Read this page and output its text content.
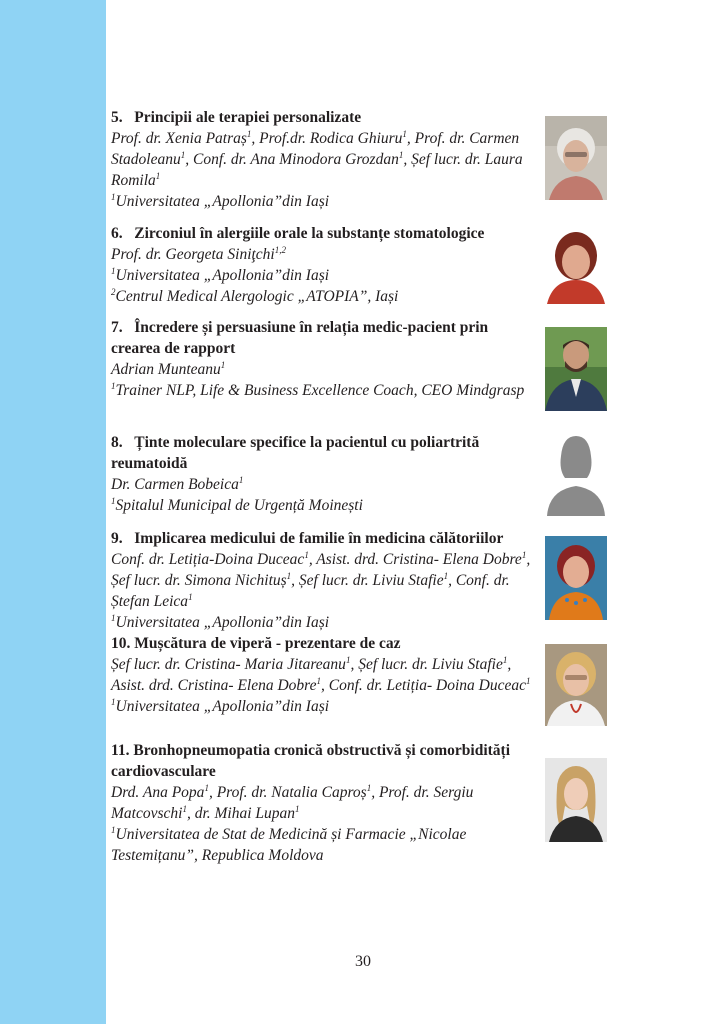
5. Principii ale terapiei personalizate
Prof. dr. Xenia Patraș$^1$, Prof.dr. Rodica Ghiuru$^1$, Prof. dr. Carmen Stadoleanu$^1$, Conf. dr. Ana Minodora Grozdan$^1$, Șef lucr. dr. Laura Romila$^1$
$^1$Universitatea „Apollonia”din Iași
6. Zirconiul în alergiile orale la substanțe stomatologice
Prof. dr. Georgeta Siniţchi$^{1,2}$
$^1$Universitatea „Apollonia”din Iași
$^2$Centrul Medical Alergologic „ATOPIA”, Iași
7. Încredere și persuasiune în relația medic-pacient prin crearea de rapport
Adrian Munteanu$^1$
$^1$Trainer NLP, Life & Business Excellence Coach, CEO Mindgrasp
8. Ținte moleculare specifice la pacientul cu poliartrită reumatoidă
Dr. Carmen Bobeica$^1$
$^1$Spitalul Municipal de Urgență Moinești
9. Implicarea medicului de familie în medicina călătoriilor
Conf. dr. Letiția-Doina Duceac$^1$, Asist. drd. Cristina- Elena Dobre$^1$, Șef lucr. dr. Simona Nichituș$^1$, Șef lucr. dr. Liviu Stafie$^1$, Conf. dr. Ștefan Leica$^1$
$^1$Universitatea „Apollonia”din Iași
10. Mușcătura de viperă - prezentare de caz
Șef lucr. dr. Cristina- Maria Jitareanu$^1$, Șef lucr. dr. Liviu Stafie$^1$, Asist. drd. Cristina- Elena Dobre$^1$, Conf. dr. Letiția- Doina Duceac$^1$
$^1$Universitatea „Apollonia”din Iași
11. Bronhopneumopatia cronică obstructivă și comorbidități cardiovasculare
Drd. Ana Popa$^1$, Prof. dr. Natalia Caproș$^1$, Prof. dr. Sergiu Matcovschi$^1$, dr. Mihai Lupan$^1$
$^1$Universitatea de Stat de Medicină și Farmacie „Nicolae Testemițanu”, Republica Moldova
30
